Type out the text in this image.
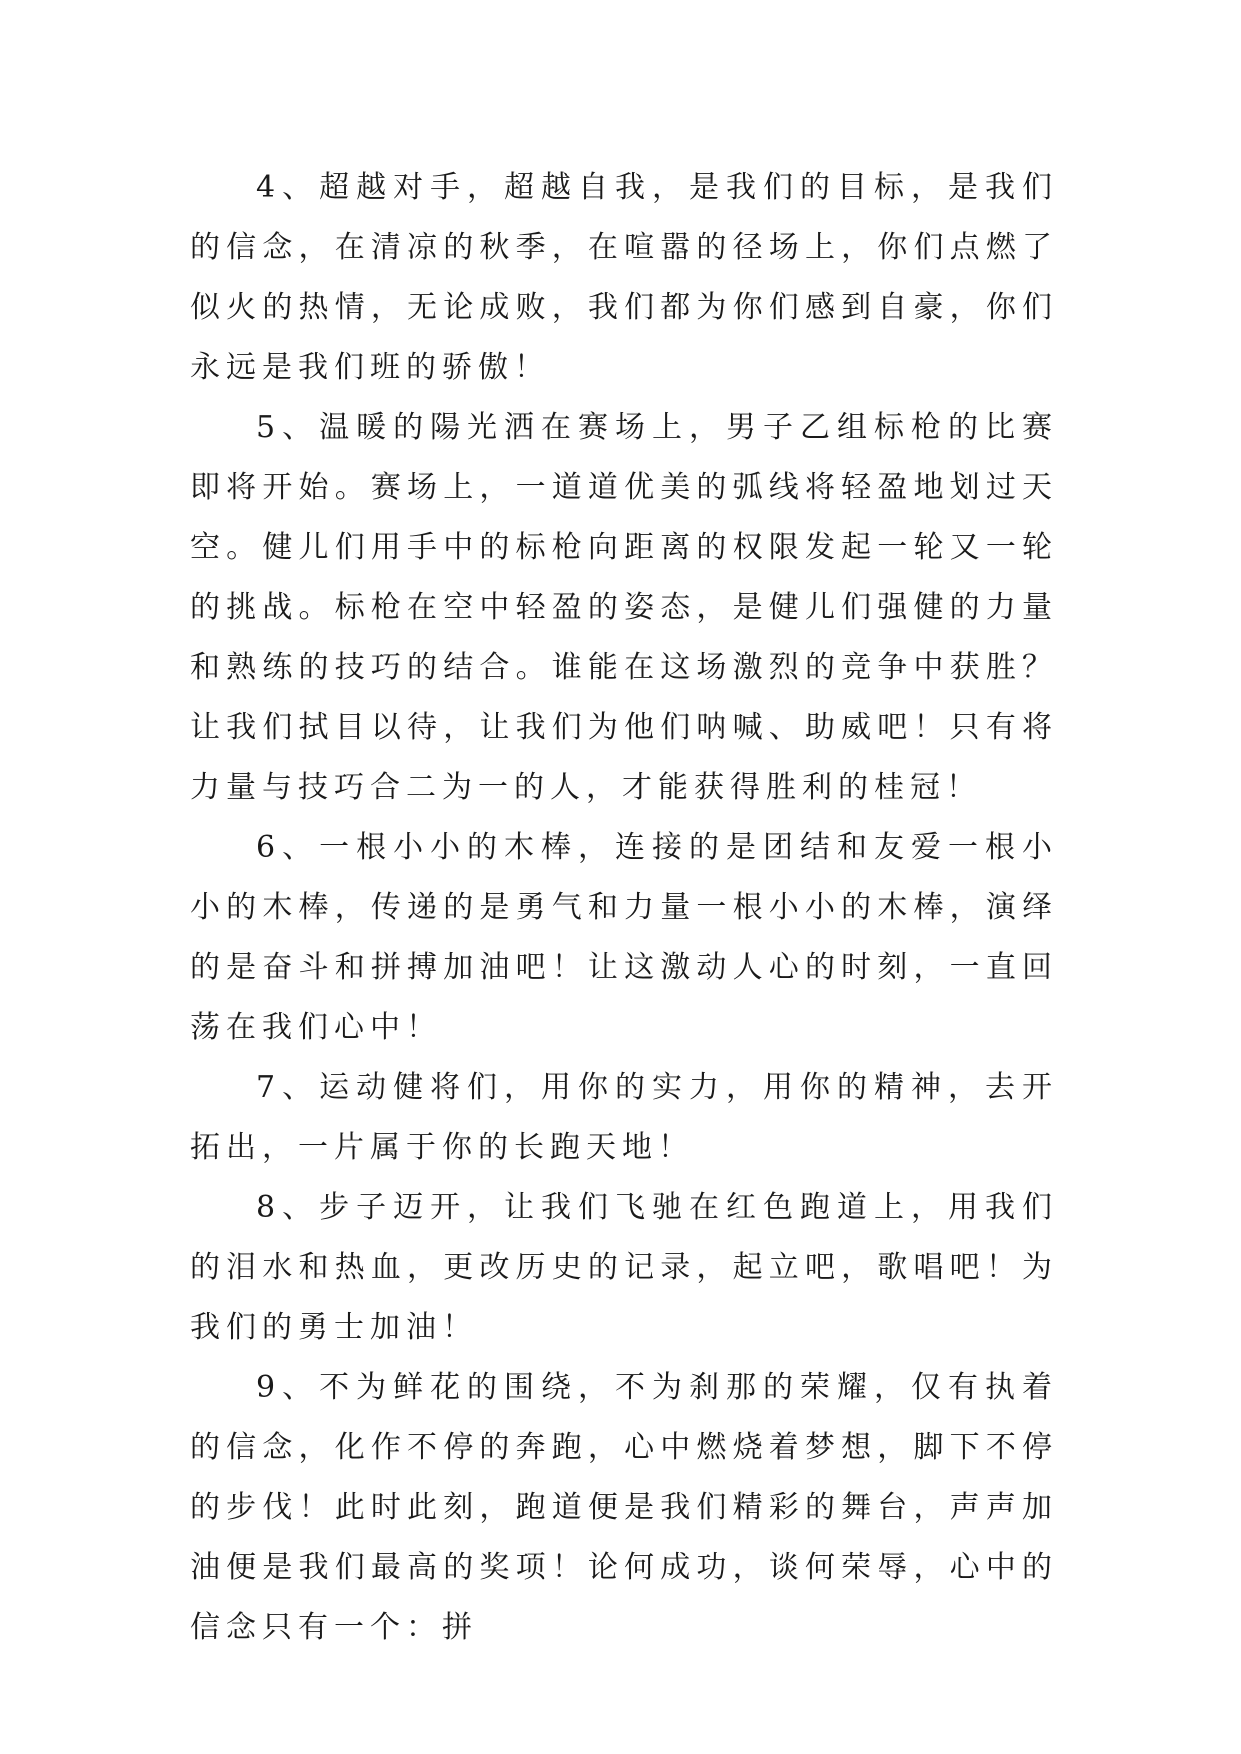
4、超越对手，超越自我，是我们的目标，是我们的信念，在清凉的秋季，在喧嚣的径场上，你们点燃了似火的热情，无论成败，我们都为你们感到自豪，你们永远是我们班的骄傲！

5、温暖的陽光洒在赛场上，男子乙组标枪的比赛即将开始。赛场上，一道道优美的弧线将轻盈地划过天空。健儿们用手中的标枪向距离的权限发起一轮又一轮的挑战。标枪在空中轻盈的姿态，是健儿们强健的力量和熟练的技巧的结合。谁能在这场激烈的竞争中获胜？让我们拭目以待，让我们为他们呐喊、助威吧！只有将力量与技巧合二为一的人，才能获得胜利的桂冠！

6、一根小小的木棒，连接的是团结和友爱一根小小的木棒，传递的是勇气和力量一根小小的木棒，演绎的是奋斗和拼搏加油吧！让这激动人心的时刻，一直回荡在我们心中！

7、运动健将们，用你的实力，用你的精神，去开拓出，一片属于你的长跑天地！

8、步子迈开，让我们飞驰在红色跑道上，用我们的泪水和热血，更改历史的记录，起立吧，歌唱吧！为我们的勇士加油！

9、不为鲜花的围绕，不为刹那的荣耀，仅有执着的信念，化作不停的奔跑，心中燃烧着梦想，脚下不停的步伐！此时此刻，跑道便是我们精彩的舞台，声声加油便是我们最高的奖项！论何成功，谈何荣辱，心中的信念只有一个：拼
